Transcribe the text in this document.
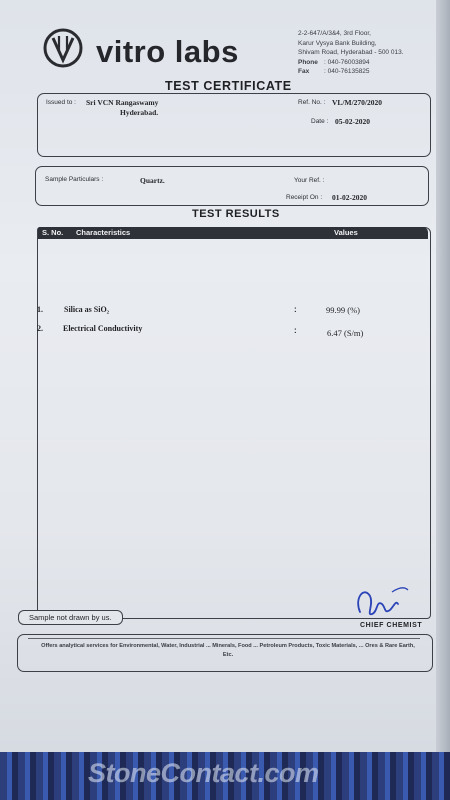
StoneContact.com
vitro labs
2-2-647/A/3&4, 3rd Floor,
Karur Vysya Bank Building,
Shivam Road, Hyderabad - 500 013.
Phone : 040-76003894
Fax : 040-76135825
TEST CERTIFICATE
Issued to : Sri VCN Rangaswamy
Hyderabad.
Ref. No. : VL/M/270/2020
Date : 05-02-2020
Sample Particulars :	Quartz.	Your Ref. :
Receipt On : 01-02-2020
TEST RESULTS
S. No. Characteristics	Values
1.	Silica as SiO₂	:	99.99 (%)
2.	Electrical Conductivity	:	6.47 (S/m)
Sample not drawn by us.
CHIEF CHEMIST
Offers analytical services for Environmental, Water, Industrial ... Minerals, Food ... Petroleum Products, Toxic Materials, ... Ores & Rare Earth, Etc.
